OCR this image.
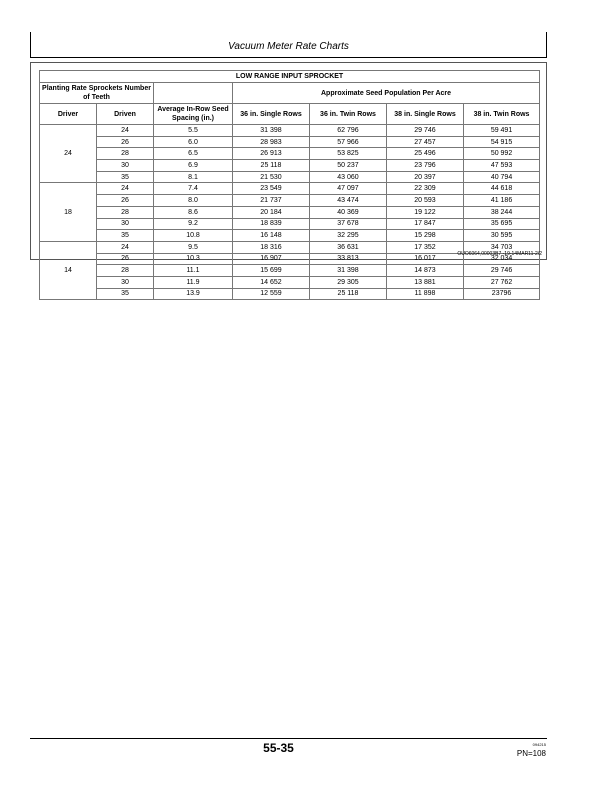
Vacuum Meter Rate Charts
LOW RANGE INPUT SPROCKET						
Planting Rate Sprockets Number of Teeth			Approximate Seed Population Per Acre			
Driver	Driven	Average In-Row Seed Spacing (in.)	36 in. Single Rows	36 in. Twin Rows	38 in. Single Rows	38 in. Twin Rows
24	24	5.5	31 398	62 796	29 746	59 491
	26	6.0	28 983	57 966	27 457	54 915
	28	6.5	26 913	53 825	25 496	50 992
	30	6.9	25 118	50 237	23 796	47 593
	35	8.1	21 530	43 060	20 397	40 794
18	24	7.4	23 549	47 097	22 309	44 618
	26	8.0	21 737	43 474	20 593	41 186
	28	8.6	20 184	40 369	19 122	38 244
	30	9.2	18 839	37 678	17 847	35 695
	35	10.8	16 148	32 295	15 298	30 595
14	24	9.5	18 316	36 631	17 352	34 703
	26	10.3	16 907	33 813	16 017	32 034
	28	11.1	15 699	31 398	14 873	29 746
	30	11.9	14 652	29 305	13 881	27 762
	35	13.9	12 559	25 118	11 898	23796
OUO6064,00003B7 -19-14MAR11-2/2
55-35	094215
PN=108
